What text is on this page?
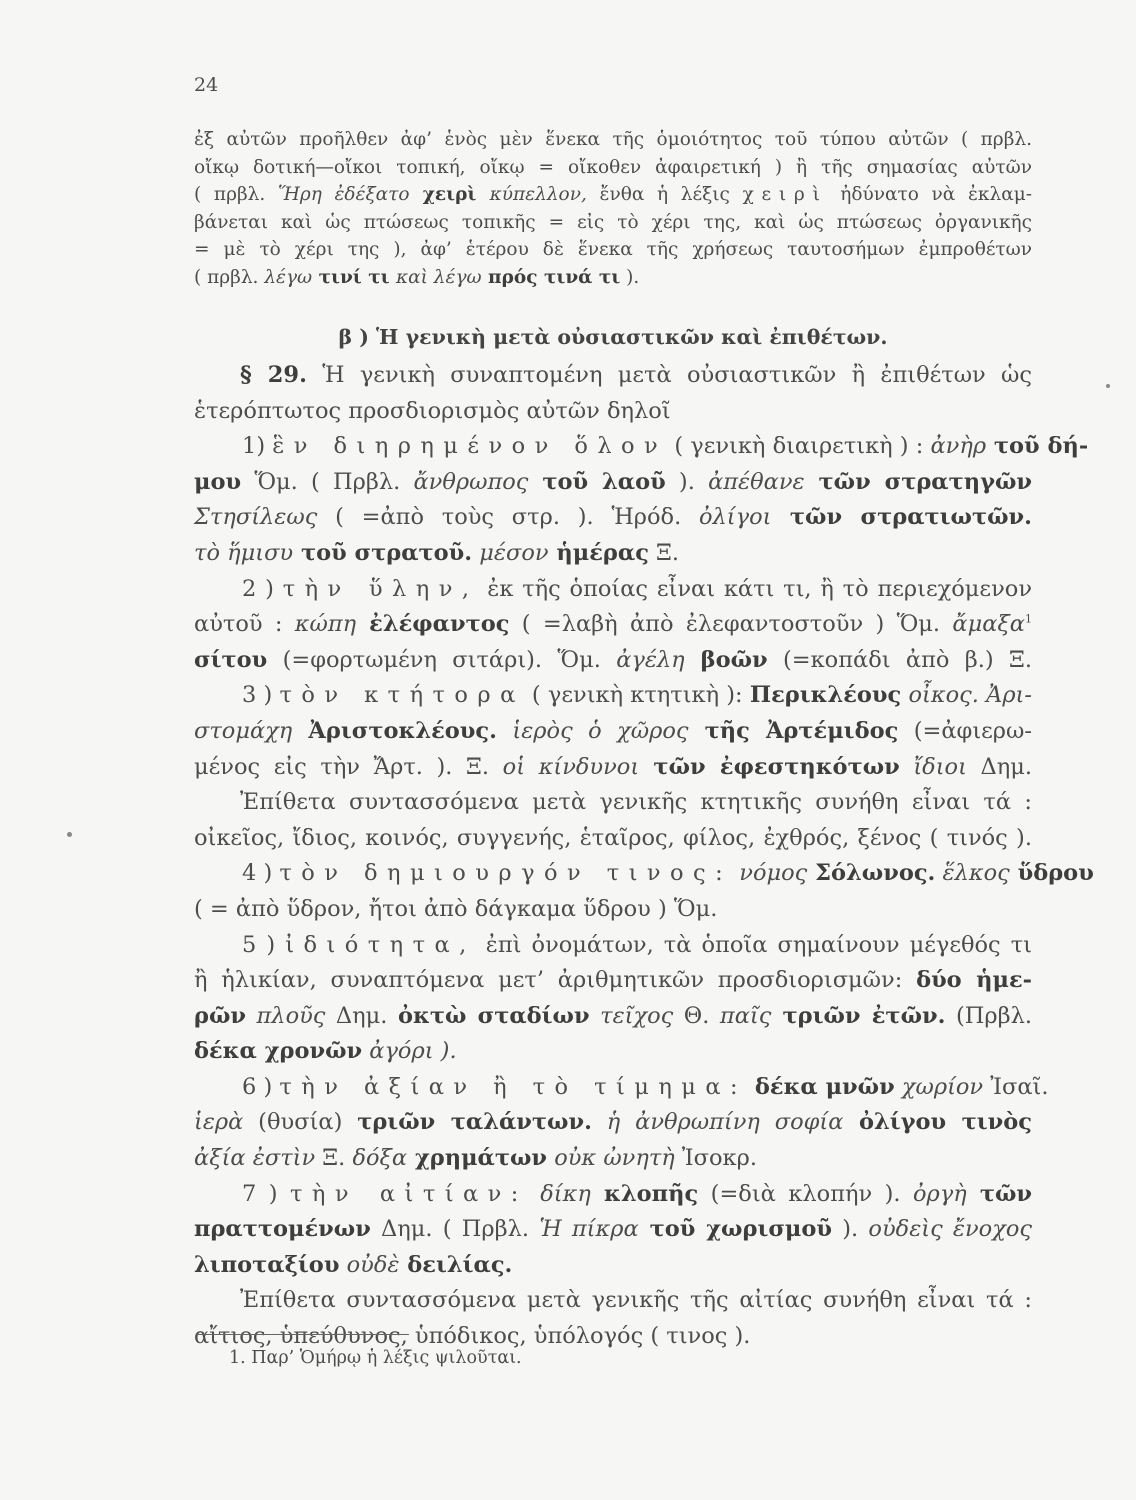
24
ἐξ αὐτῶν προῆλθεν ἀφ’ ἑνὸς μὲν ἕνεκα τῆς ὁμοιότητος τοῦ τύπου αὐτῶν ( πρβλ.
οἴκῳ δοτική—οἴκοι τοπική, οἴκῳ = οἴκοθεν ἀφαιρετική ) ἢ τῆς σημασίας αὐτῶν
( πρβλ. Ἥρη ἐδέξατο χειρὶ κύπελλον, ἔνθα ἡ λέξις χειρὶ ἠδύνατο νὰ ἐκλαμ-
βάνεται καὶ ὡς πτώσεως τοπικῆς = εἰς τὸ χέρι της, καὶ ὡς πτώσεως ὀργανικῆς
= μὲ τὸ χέρι της ), ἀφ’ ἑτέρου δὲ ἕνεκα τῆς χρήσεως ταυτοσήμων ἐμπροθέτων
( πρβλ. λέγω τινί τι καὶ λέγω πρός τινά τι ).
β ) Ἡ γενικὴ μετὰ οὐσιαστικῶν καὶ ἐπιθέτων.
§ 29. Ἡ γενικὴ συναπτομένη μετὰ οὐσιαστικῶν ἢ ἐπιθέτων ὡς
ἑτερόπτωτος προσδιορισμὸς αὐτῶν δηλοῖ
1) ἓν διηρημένον ὅλον ( γενικὴ διαιρετικὴ ) : ἀνὴρ τοῦ δή-
μου Ὅμ. ( Πρβλ. ἄνθρωπος τοῦ λαοῦ ). ἀπέθανε τῶν στρατηγῶν
Στησίλεως ( =ἀπὸ τοὺς στρ. ). Ἡρόδ. ὀλίγοι τῶν στρατιωτῶν.
τὸ ἥμισυ τοῦ στρατοῦ. μέσον ἡμέρας Ξ.
2 ) τὴν ὕλην, ἐκ τῆς ὁποίας εἶναι κάτι τι, ἢ τὸ περιεχόμενον
αὐτοῦ : κώπη ἐλέφαντος ( =λαβὴ ἀπὸ ἐλεφαντοστοῦν ) Ὅμ. ἄμαξα$^1$
σίτου (=φορτωμένη σιτάρι). Ὅμ. ἀγέλη βοῶν (=κοπάδι ἀπὸ β.) Ξ.
3 ) τὸν κτήτορα ( γενικὴ κτητικὴ ): Περικλέους οἶκος. Ἀρι-
στομάχη Ἀριστοκλέους. ἱερὸς ὁ χῶρος τῆς Ἀρτέμιδος (=ἀφιερω-
μένος εἰς τὴν Ἄρτ. ). Ξ. οἱ κίνδυνοι τῶν ἐφεστηκότων ἴδιοι Δημ.
Ἐπίθετα συντασσόμενα μετὰ γενικῆς κτητικῆς συνήθη εἶναι τά :
οἰκεῖος, ἴδιος, κοινός, συγγενής, ἑταῖρος, φίλος, ἐχθρός, ξένος ( τινός ).
4 ) τὸν δημιουργόν τινος: νόμος Σόλωνος. ἕλκος ὕδρου
( = ἀπὸ ὕδρον, ἤτοι ἀπὸ δάγκαμα ὕδρου ) Ὅμ.
5 ) ἰδιότητα, ἐπὶ ὀνομάτων, τὰ ὁποῖα σημαίνουν μέγεθός τι
ἢ ἡλικίαν, συναπτόμενα μετ’ ἀριθμητικῶν προσδιορισμῶν: δύο ἡμε-
ρῶν πλοῦς Δημ. ὀκτὼ σταδίων τεῖχος Θ. παῖς τριῶν ἐτῶν. (Πρβλ.
δέκα χρονῶν ἀγόρι ).
6 ) τὴν ἀξίαν ἢ τὸ τίμημα: δέκα μνῶν χωρίον Ἰσαῖ.
ἱερὰ (θυσία) τριῶν ταλάντων. ἡ ἀνθρωπίνη σοφία ὀλίγου τινὸς
ἀξία ἐστὶν Ξ. δόξα χρημάτων οὐκ ὠνητὴ Ἰσοκρ.
7 ) τὴν αἰτίαν: δίκη κλοπῆς (=διὰ κλοπήν ). ὀργὴ τῶν
πραττομένων Δημ. ( Πρβλ. Ἡ πίκρα τοῦ χωρισμοῦ ). οὐδεὶς ἔνοχος
λιποταξίου οὐδὲ δειλίας.
Ἐπίθετα συντασσόμενα μετὰ γενικῆς τῆς αἰτίας συνήθη εἶναι τά :
αἴτιος, ὑπεύθυνος, ὑπόδικος, ὑπόλογός ( τινος ).
1. Παρ’ Ὁμήρῳ ἡ λέξις ψιλοῦται.
